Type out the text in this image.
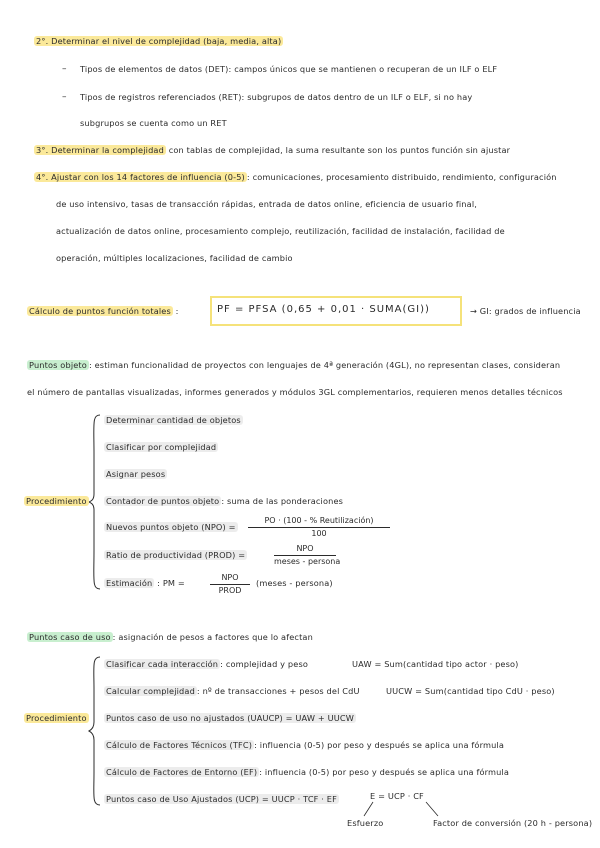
2°. Determinar el nivel de complejidad (baja, media, alta)
– Tipos de elementos de datos (DET): campos únicos que se mantienen o recuperan de un ILF o ELF
– Tipos de registros referenciados (RET): subgrupos de datos dentro de un ILF o ELF, si no hay
subgrupos se cuenta como un RET
3°. Determinar la complejidad con tablas de complejidad, la suma resultante son los puntos función sin ajustar
4°. Ajustar con los 14 factores de influencia (0-5) : comunicaciones, procesamiento distribuido, rendimiento, configuración
de uso intensivo, tasas de transacción rápidas, entrada de datos online, eficiencia de usuario final,
actualización de datos online, procesamiento complejo, reutilización, facilidad de instalación, facilidad de
operación, múltiples localizaciones, facilidad de cambio
Cálculo de puntos función totales :	PF = PFSA (0,65 + 0,01 · SUMA(GI))	→ GI: grados de influencia
Puntos objeto : estiman funcionalidad de proyectos con lenguajes de 4ª generación (4GL), no representan clases, consideran
el número de pantallas visualizadas, informes generados y módulos 3GL complementarios, requieren menos detalles técnicos
Procedimiento
Determinar cantidad de objetos
Clasificar por complejidad
Asignar pesos
Contador de puntos objeto : suma de las ponderaciones
Nuevos puntos objeto (NPO) =
PO · (100 - % Reutilización)
100
Ratio de productividad (PROD) =
NPO
meses - persona
Estimación : PM =
NPO
PROD
(meses - persona)
Puntos caso de uso : asignación de pesos a factores que lo afectan
Procedimiento
Clasificar cada interacción : complejidad y peso	UAW = Sum(cantidad tipo actor · peso)
Calcular complejidad : nº de transacciones + pesos del CdU	UUCW = Sum(cantidad tipo CdU · peso)
Puntos caso de uso no ajustados (UAUCP) = UAW + UUCW
Cálculo de Factores Técnicos (TFC) : influencia (0-5) por peso y después se aplica una fórmula
Cálculo de Factores de Entorno (EF) : influencia (0-5) por peso y después se aplica una fórmula
Puntos caso de Uso Ajustados (UCP) = UUCP · TCF · EF	E = UCP · CF
Esfuerzo	Factor de conversión (20 h - persona)
